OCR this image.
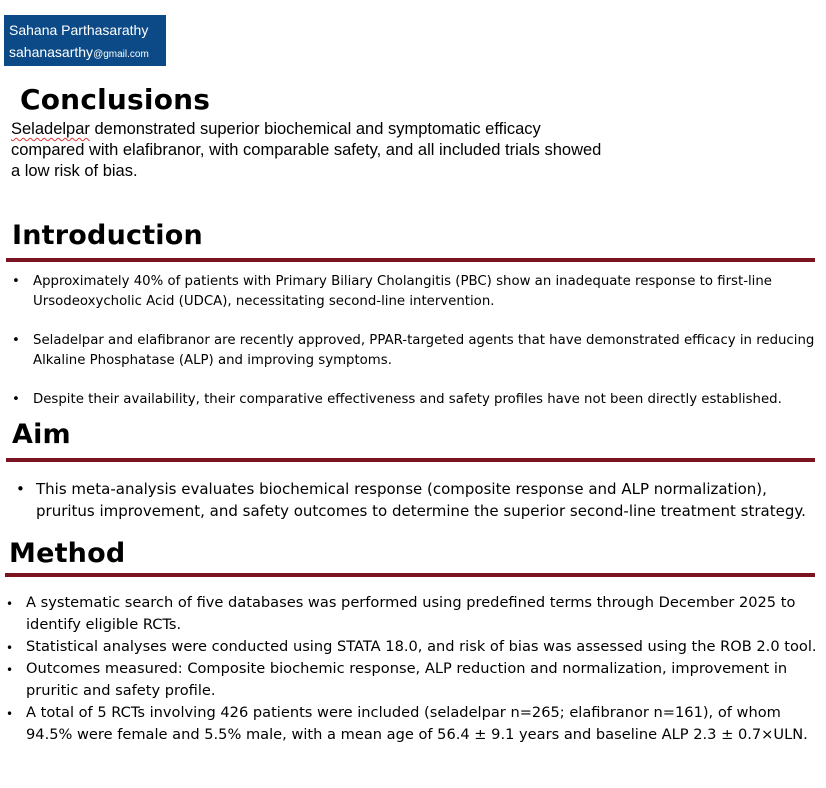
Sahana Parthasarathy
sahanasarthy@gmail.com
Conclusions

Seladelpar demonstrated superior biochemical and symptomatic efficacy compared with elafibranor, with comparable safety, and all included trials showed a low risk of bias.

Introduction
• Approximately 40% of patients with Primary Biliary Cholangitis (PBC) show an inadequate response to first-line Ursodeoxycholic Acid (UDCA), necessitating second-line intervention.
• Seladelpar and elafibranor are recently approved, PPAR-targeted agents that have demonstrated efficacy in reducing Alkaline Phosphatase (ALP) and improving symptoms.
• Despite their availability, their comparative effectiveness and safety profiles have not been directly established.
Aim
• This meta-analysis evaluates biochemical response (composite response and ALP normalization), pruritus improvement, and safety outcomes to determine the superior second-line treatment strategy.
Method
• A systematic search of five databases was performed using predefined terms through December 2025 to identify eligible RCTs.
• Statistical analyses were conducted using STATA 18.0, and risk of bias was assessed using the ROB 2.0 tool.
• Outcomes measured: Composite biochemic response, ALP reduction and normalization, improvement in pruritic and safety profile.
• A total of 5 RCTs involving 426 patients were included (seladelpar n=265; elafibranor n=161), of whom 94.5% were female and 5.5% male, with a mean age of 56.4 ± 9.1 years and baseline ALP 2.3 ± 0.7×ULN.
